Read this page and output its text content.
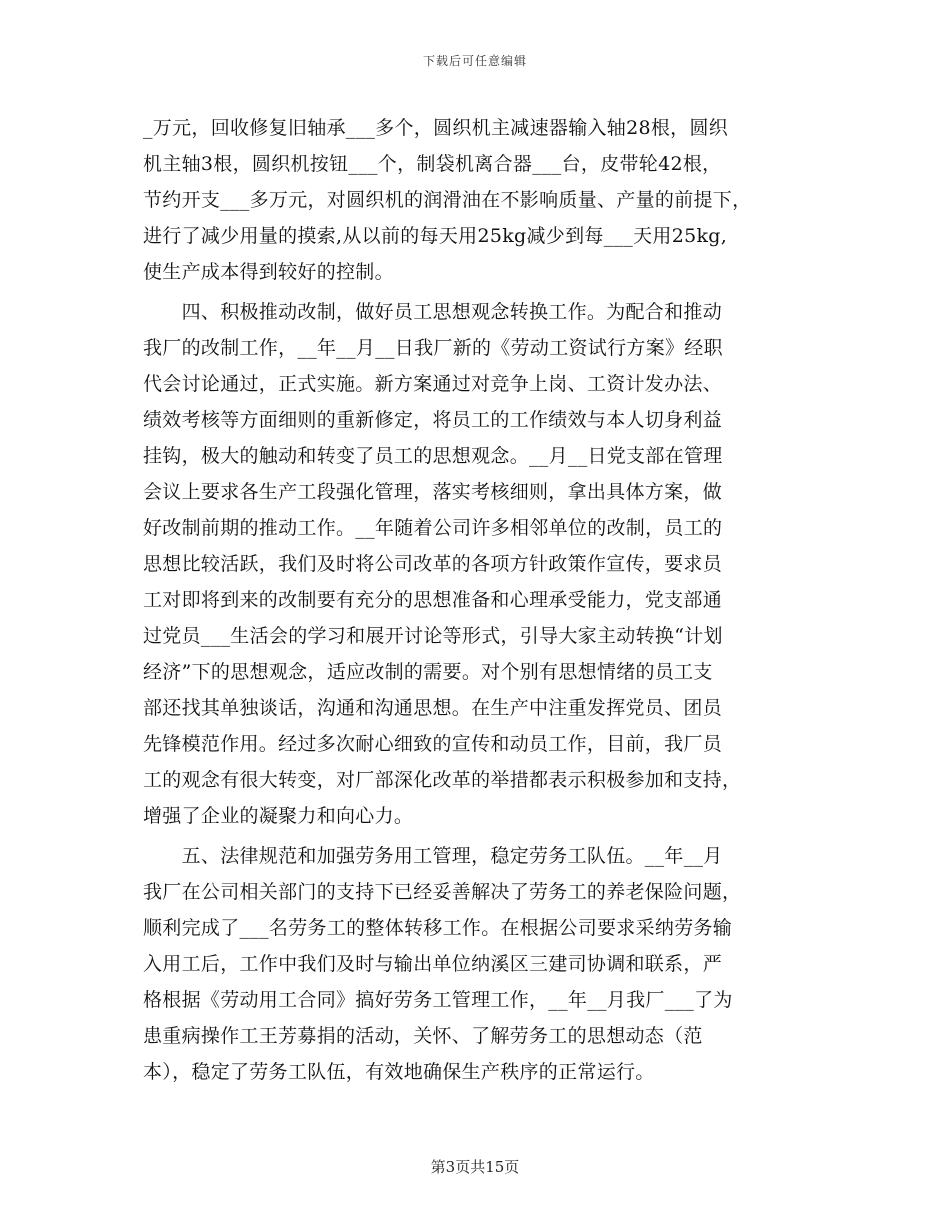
下载后可任意编辑
_万元，回收修复旧轴承___多个，圆织机主减速器输入轴28根，圆织
机主轴3根，圆织机按钮___个，制袋机离合器___台，皮带轮42根，
节约开支___多万元，对圆织机的润滑油在不影响质量、产量的前提下，
进行了减少用量的摸索,从以前的每天用25kg减少到每___天用25kg,
使生产成本得到较好的控制。
　　四、积极推动改制，做好员工思想观念转换工作。为配合和推动
我厂的改制工作，__年__月__日我厂新的《劳动工资试行方案》经职
代会讨论通过，正式实施。新方案通过对竞争上岗、工资计发办法、
绩效考核等方面细则的重新修定，将员工的工作绩效与本人切身利益
挂钩，极大的触动和转变了员工的思想观念。__月__日党支部在管理
会议上要求各生产工段强化管理，落实考核细则，拿出具体方案，做
好改制前期的推动工作。__年随着公司许多相邻单位的改制，员工的
思想比较活跃，我们及时将公司改革的各项方针政策作宣传，要求员
工对即将到来的改制要有充分的思想准备和心理承受能力，党支部通
过党员___生活会的学习和展开讨论等形式，引导大家主动转换“计划
经济”下的思想观念，适应改制的需要。对个别有思想情绪的员工支
部还找其单独谈话，沟通和沟通思想。在生产中注重发挥党员、团员
先锋模范作用。经过多次耐心细致的宣传和动员工作，目前，我厂员
工的观念有很大转变，对厂部深化改革的举措都表示积极参加和支持，
增强了企业的凝聚力和向心力。
　　五、法律规范和加强劳务用工管理，稳定劳务工队伍。__年__月
我厂在公司相关部门的支持下已经妥善解决了劳务工的养老保险问题，
顺利完成了___名劳务工的整体转移工作。在根据公司要求采纳劳务输
入用工后，工作中我们及时与输出单位纳溪区三建司协调和联系，严
格根据《劳动用工合同》搞好劳务工管理工作，__年__月我厂___了为
患重病操作工王芳募捐的活动，关怀、了解劳务工的思想动态（范
本），稳定了劳务工队伍，有效地确保生产秩序的正常运行。
第3页共15页
